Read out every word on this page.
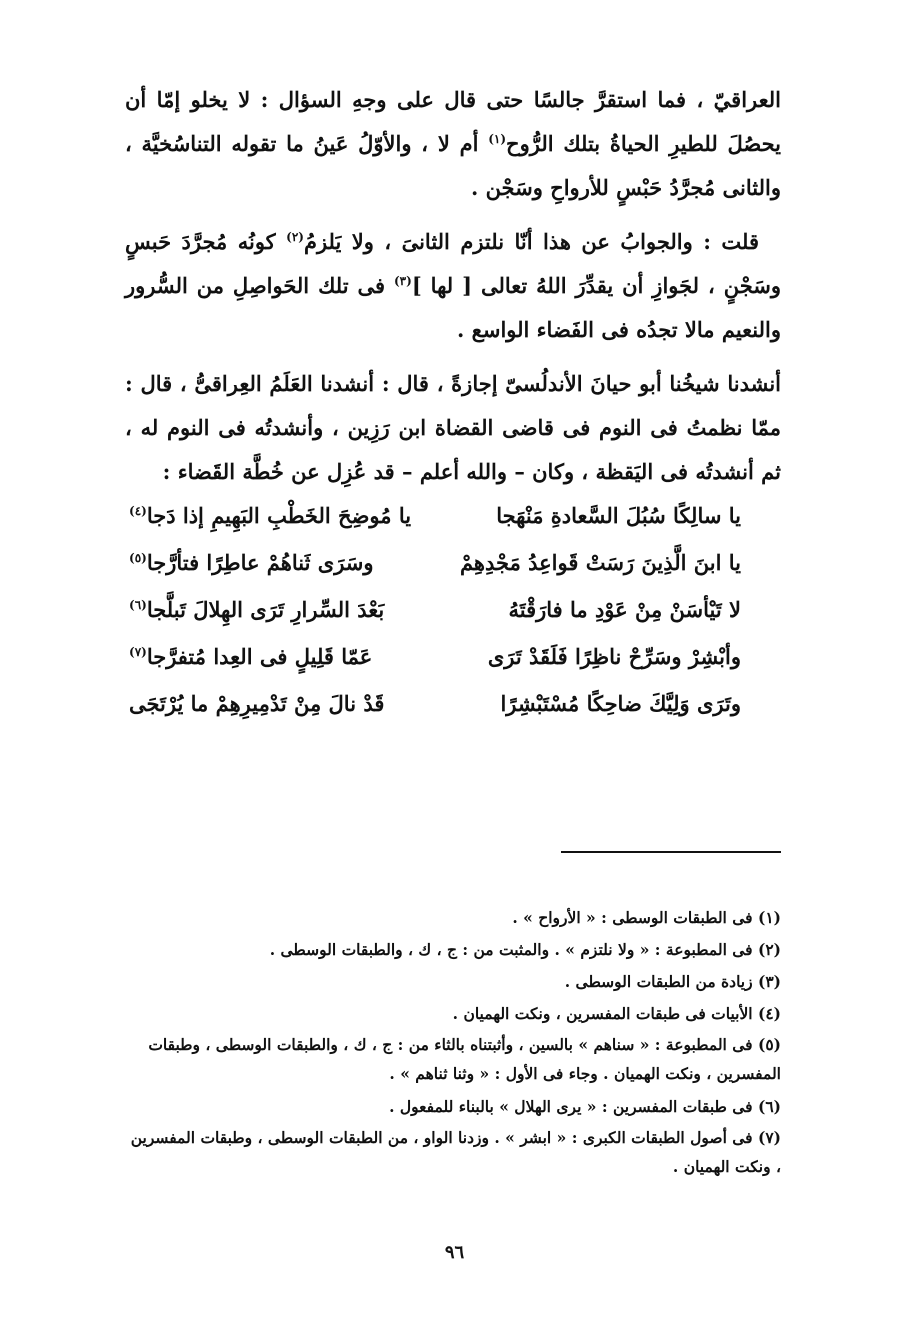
العراقيّ ، فما استقرَّ جالسًا حتى قال على وجهِ السؤال : لا يخلو إمّا أن يحصُلَ للطيرِ الحياةُ بتلك الرُّوح$^{(١)}$ أم لا ، والأوّلُ عَينُ ما تقوله التناسُخيَّة ، والثانى مُجرَّدُ حَبْسٍ للأرواحِ وسَجْن .

قلت : والجوابُ عن هذا أنّا نلتزم الثانىَ ، ولا يَلزمُ$^{(٢)}$ كونُه مُجرَّدَ حَبسٍ وسَجْنٍ ، لجَوازِ أن يقدِّرَ اللهُ تعالى [ لها ]$^{(٣)}$ فى تلك الحَواصِلِ من السُّرور والنعيم مالا تجدُه فى الفَضاء الواسع .

أنشدنا شيخُنا أبو حيانَ الأندلُسىّ إجازةً ، قال : أنشدنا العَلَمُ العِراقىُّ ، قال : ممّا نظمتُ فى النوم فى قاضى القضاة ابن رَزِين ، وأنشدتُه فى النوم له ، ثم أنشدتُه فى اليَقظة ، وكان – والله أعلم – قد عُزِل عن خُطَّة القَضاء :

يا سالِكًا سُبُلَ السَّعادةِ مَنْهَجا
يا مُوضِحَ الخَطْبِ البَهِيمِ إذا دَجا$^{(٤)}$
يا ابنَ الَّذِينَ رَسَتْ قَواعِدُ مَجْدِهِمْ
وسَرَى ثَناهُمْ عاطِرًا فتأرَّجا$^{(٥)}$
لا تَيْأسَنْ مِنْ عَوْدِ ما فارَقْتَهُ
بَعْدَ السِّرارِ تَرَى الهِلالَ تَبلَّجا$^{(٦)}$
وأبْشِرْ وسَرِّحْ ناظِرًا فَلَقَدْ تَرَى
عَمّا قَلِيلٍ فى العِدا مُتفرَّجا$^{(٧)}$
وتَرَى وَلِيَّكَ ضاحِكًا مُسْتَبْشِرًا
قَدْ نالَ مِنْ تَدْمِيرِهِمْ ما يُرْتَجَى

(١) فى الطبقات الوسطى : « الأرواح » .

(٢) فى المطبوعة : « ولا نلتزم » . والمثبت من : ج ، ك ، والطبقات الوسطى .

(٣) زيادة من الطبقات الوسطى .

(٤) الأبيات فى طبقات المفسرين ، ونكت الهميان .

(٥) فى المطبوعة : « سناهم » بالسين ، وأثبتناه بالثاء من : ج ، ك ، والطبقات الوسطى ، وطبقات المفسرين ، ونكت الهميان . وجاء فى الأول : « وثنا ثناهم » .

(٦) فى طبقات المفسرين : « يرى الهلال » بالبناء للمفعول .

(٧) فى أصول الطبقات الكبرى : « ابشر » . وزدنا الواو ، من الطبقات الوسطى ، وطبقات المفسرين ، ونكت الهميان .

٩٦
